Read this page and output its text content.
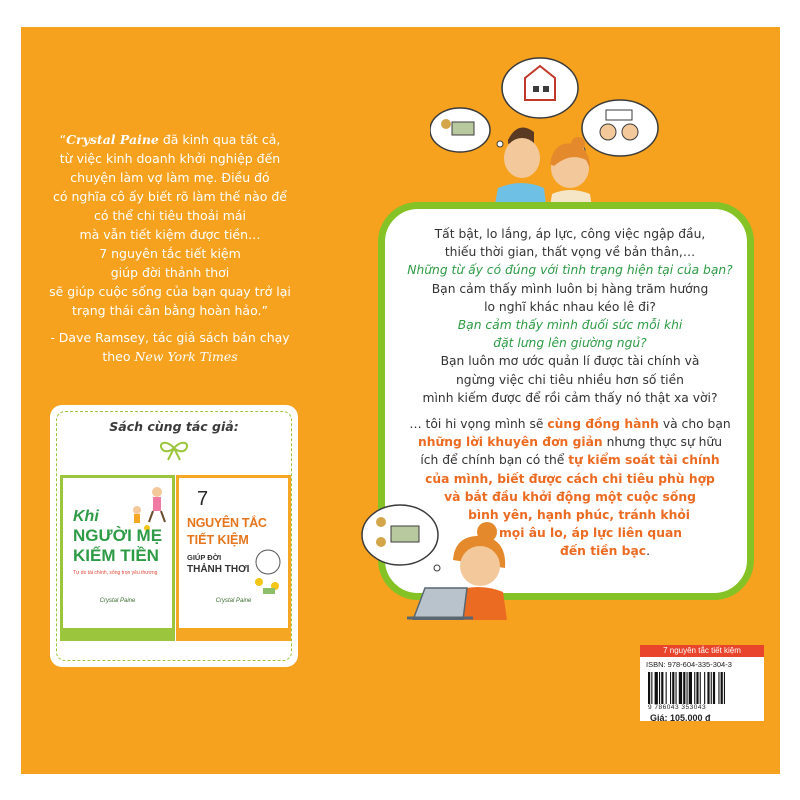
“Crystal Paine đã kinh qua tất cả,

từ việc kinh doanh khởi nghiệp đến

chuyện làm vợ làm mẹ. Điều đó

có nghĩa cô ấy biết rõ làm thế nào để

có thể chi tiêu thoải mái

mà vẫn tiết kiệm được tiền…

7 nguyên tắc tiết kiệm

giúp đời thảnh thơi

sẽ giúp cuộc sống của bạn quay trở lại

trạng thái cân bằng hoàn hảo.”

- Dave Ramsey, tác giả sách bán chạy

theo New York Times

Sách cùng tác giả:
Khi
NGƯỜI MẸ
KIẾM TIỀN
Tự do tài chính, sống trọn yêu thương
Crystal Paine
7
NGUYÊN TẮC
TIẾT KIỆM
GIÚP ĐỜI
THẢNH THƠI
Crystal Paine

Tất bật, lo lắng, áp lực, công việc ngập đầu,

thiếu thời gian, thất vọng về bản thân,…

Những từ ấy có đúng với tình trạng hiện tại của bạn?

Bạn cảm thấy mình luôn bị hàng trăm hướng

lo nghĩ khác nhau kéo lê đi?

Bạn cảm thấy mình đuối sức mỗi khi

đặt lưng lên giường ngủ?

Bạn luôn mơ ước quản lí được tài chính và

ngừng việc chi tiêu nhiều hơn số tiền

mình kiếm được để rồi cảm thấy nó thật xa vời?

… tôi hi vọng mình sẽ cùng đồng hành và cho bạn

những lời khuyên đơn giản nhưng thực sự hữu

ích để chính bạn có thể tự kiểm soát tài chính

của mình, biết được cách chi tiêu phù hợp

và bắt đầu khởi động một cuộc sống

bình yên, hạnh phúc, tránh khỏi

mọi âu lo, áp lực liên quan

đến tiền bạc.

7 nguyên tắc tiết kiệm
ISBN: 978-604-335-304-3
9 786043 353043
Giá: 105.000 đ
